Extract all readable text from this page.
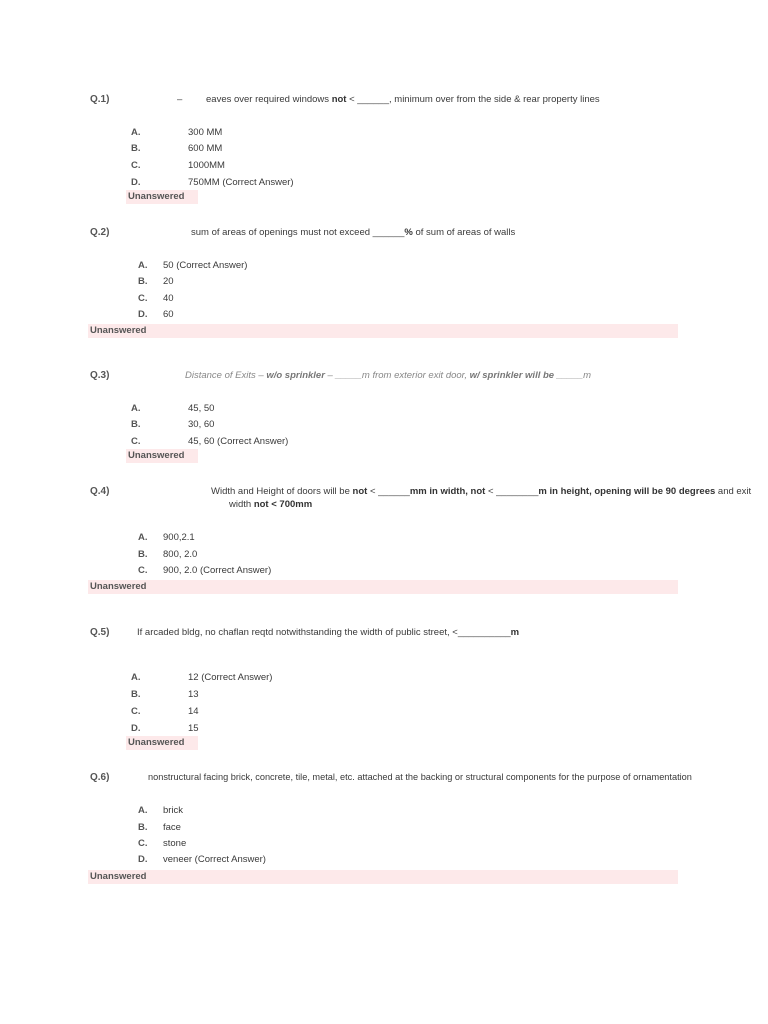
Q.1)	– eaves over required windows not < ______, minimum over from the side & rear property lines
A.	300 MM
B.	600 MM
C.	1000MM
D.	750MM (Correct Answer)
Unanswered
Q.2)	sum of areas of openings must not exceed ______% of sum of areas of walls
A. 50 (Correct Answer)
B. 20
C. 40
D. 60
Unanswered
Q.3)	Distance of Exits – w/o sprinkler – _____m from exterior exit door, w/ sprinkler will be _____m
A.	45, 50
B.	30, 60
C.	45, 60 (Correct Answer)
Unanswered
Q.4)	Width and Height of doors will be not < ______mm in width, not < ________m in height, opening will be 90 degrees and exit
width not < 700mm
A. 900,2.1
B. 800, 2.0
C. 900, 2.0 (Correct Answer)
Unanswered
Q.5)	If arcaded bldg, no chaflan reqtd notwithstanding the width of public street, <__________m
A.	12 (Correct Answer)
B.	13
C.	14
D.	15
Unanswered
Q.6)	nonstructural facing brick, concrete, tile, metal, etc. attached at the backing or structural components for the purpose of ornamentation
A. brick
B. face
C. stone
D. veneer (Correct Answer)
Unanswered
